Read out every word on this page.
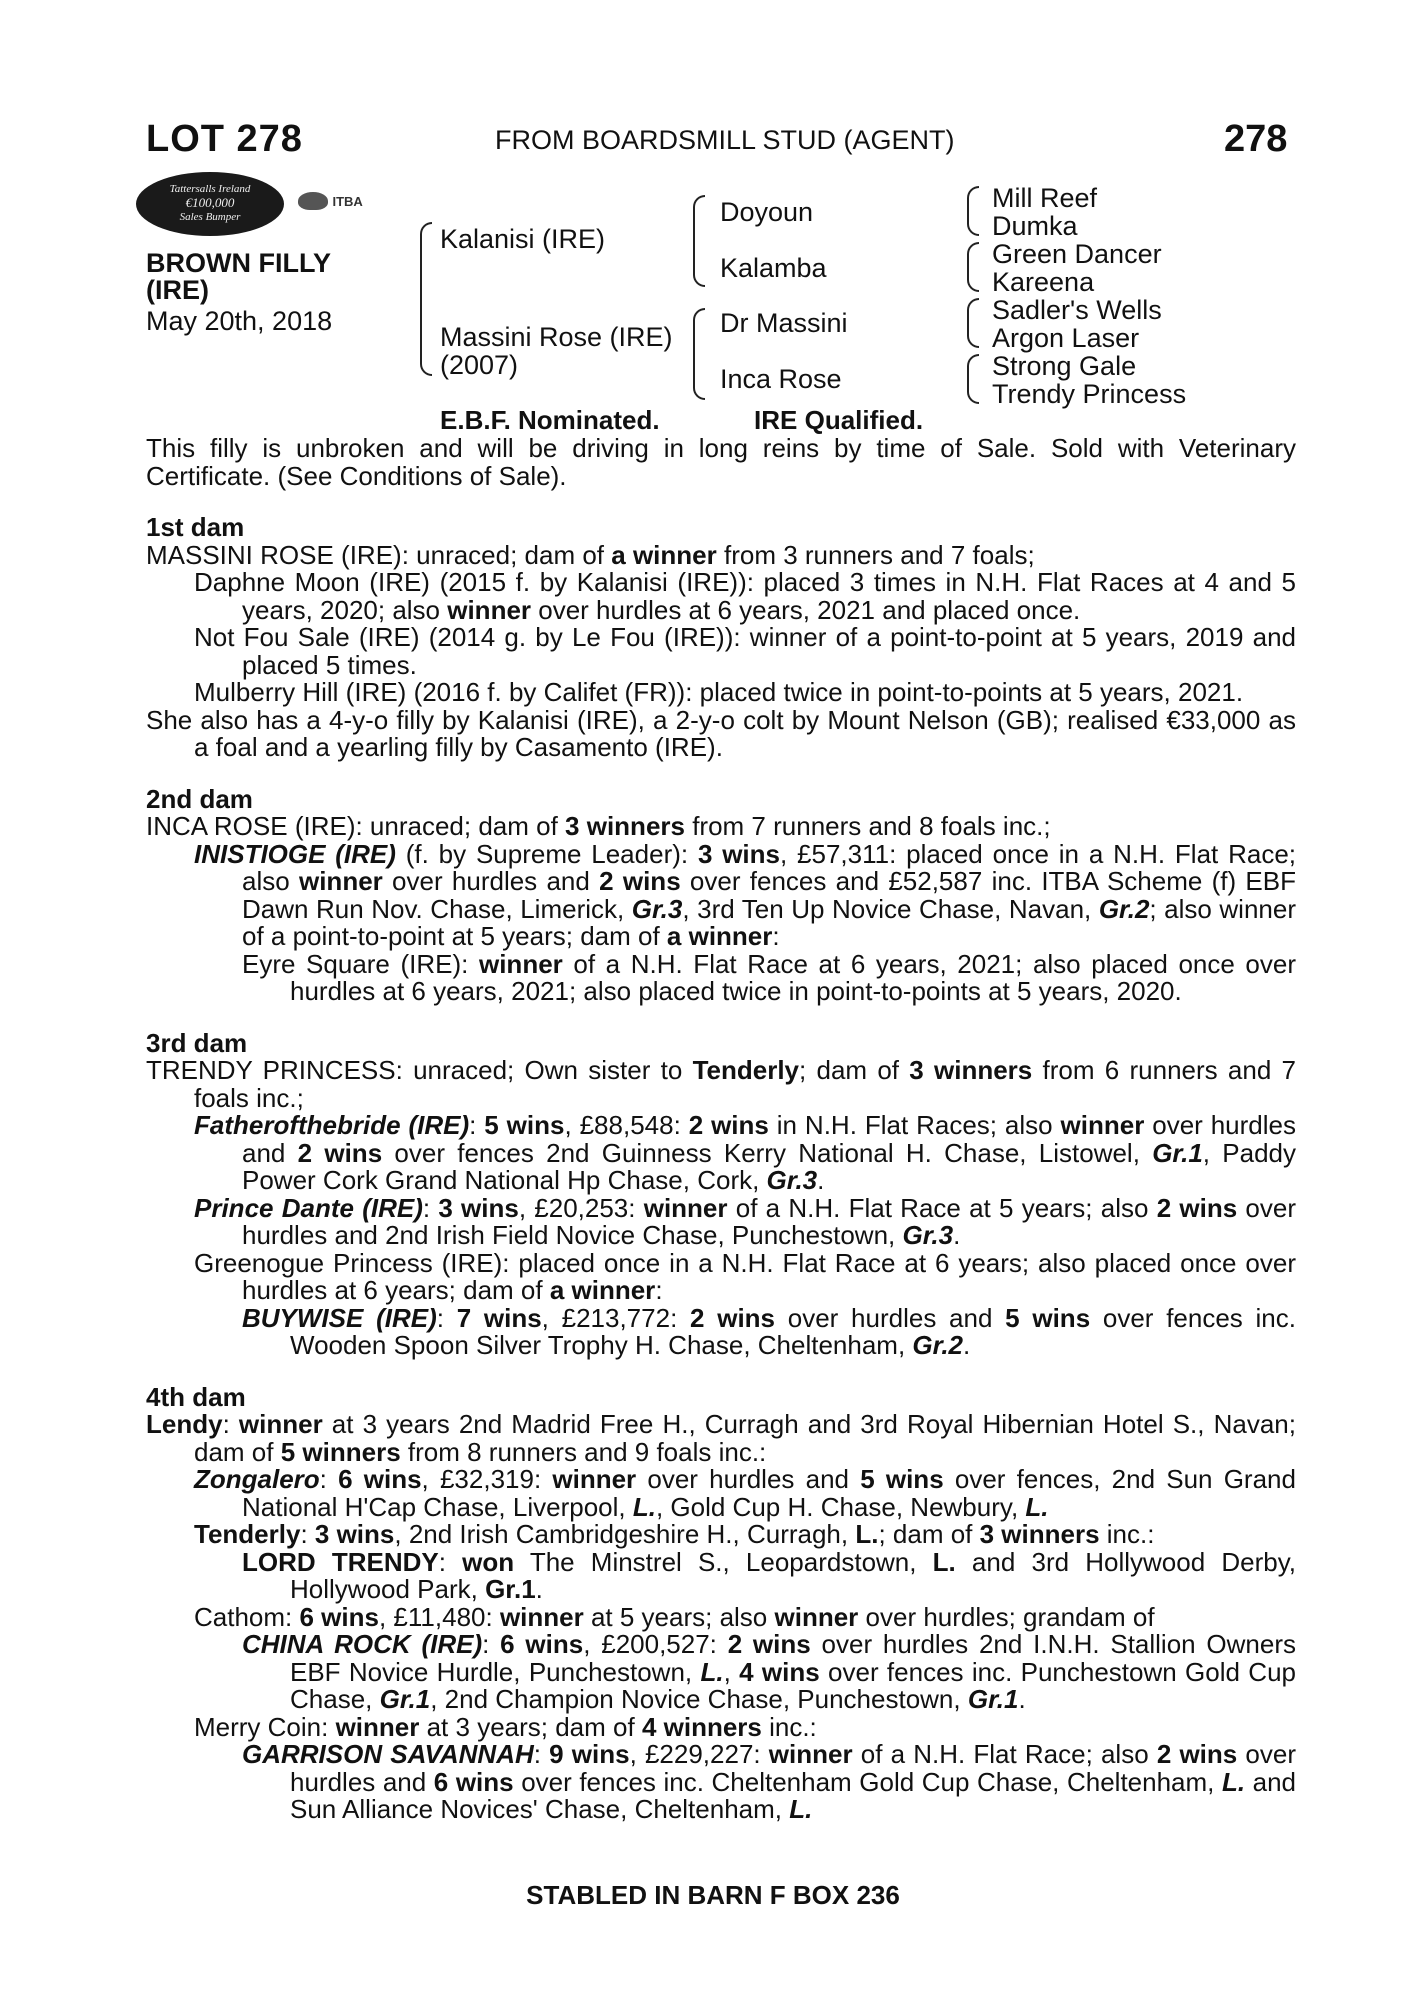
LOT 278	FROM BOARDSMILL STUD (AGENT)	278
Tattersalls Ireland
€100,000
Sales Bumper
ITBA
BROWN FILLY
(IRE)
May 20th, 2018
Kalanisi (IRE)
Massini Rose (IRE)
(2007)
Doyoun
Kalamba
Dr Massini
Inca Rose
Mill Reef
Dumka
Green Dancer
Kareena
Sadler's Wells
Argon Laser
Strong Gale
Trendy Princess
E.B.F. Nominated.	IRE Qualified.

This filly is unbroken and will be driving in long reins by time of Sale. Sold with Veterinary Certificate. (See Conditions of Sale).

1st dam

MASSINI ROSE (IRE): unraced; dam of a winner from 3 runners and 7 foals;

Daphne Moon (IRE) (2015 f. by Kalanisi (IRE)): placed 3 times in N.H. Flat Races at 4 and 5 years, 2020; also winner over hurdles at 6 years, 2021 and placed once.

Not Fou Sale (IRE) (2014 g. by Le Fou (IRE)): winner of a point-to-point at 5 years, 2019 and placed 5 times.

Mulberry Hill (IRE) (2016 f. by Califet (FR)): placed twice in point-to-points at 5 years, 2021.

She also has a 4-y-o filly by Kalanisi (IRE), a 2-y-o colt by Mount Nelson (GB); realised €33,000 as a foal and a yearling filly by Casamento (IRE).

2nd dam

INCA ROSE (IRE): unraced; dam of 3 winners from 7 runners and 8 foals inc.;

INISTIOGE (IRE) (f. by Supreme Leader): 3 wins, £57,311: placed once in a N.H. Flat Race; also winner over hurdles and 2 wins over fences and £52,587 inc. ITBA Scheme (f) EBF Dawn Run Nov. Chase, Limerick, Gr.3, 3rd Ten Up Novice Chase, Navan, Gr.2; also winner of a point-to-point at 5 years; dam of a winner:

Eyre Square (IRE): winner of a N.H. Flat Race at 6 years, 2021; also placed once over hurdles at 6 years, 2021; also placed twice in point-to-points at 5 years, 2020.

3rd dam

TRENDY PRINCESS: unraced; Own sister to Tenderly; dam of 3 winners from 6 runners and 7 foals inc.;

Fatherofthebride (IRE): 5 wins, £88,548: 2 wins in N.H. Flat Races; also winner over hurdles and 2 wins over fences 2nd Guinness Kerry National H. Chase, Listowel, Gr.1, Paddy Power Cork Grand National Hp Chase, Cork, Gr.3.

Prince Dante (IRE): 3 wins, £20,253: winner of a N.H. Flat Race at 5 years; also 2 wins over hurdles and 2nd Irish Field Novice Chase, Punchestown, Gr.3.

Greenogue Princess (IRE): placed once in a N.H. Flat Race at 6 years; also placed once over hurdles at 6 years; dam of a winner:

BUYWISE (IRE): 7 wins, £213,772: 2 wins over hurdles and 5 wins over fences inc. Wooden Spoon Silver Trophy H. Chase, Cheltenham, Gr.2.

4th dam

Lendy: winner at 3 years 2nd Madrid Free H., Curragh and 3rd Royal Hibernian Hotel S., Navan; dam of 5 winners from 8 runners and 9 foals inc.:

Zongalero: 6 wins, £32,319: winner over hurdles and 5 wins over fences, 2nd Sun Grand National H'Cap Chase, Liverpool, L., Gold Cup H. Chase, Newbury, L.

Tenderly: 3 wins, 2nd Irish Cambridgeshire H., Curragh, L.; dam of 3 winners inc.:

LORD TRENDY: won The Minstrel S., Leopardstown, L. and 3rd Hollywood Derby, Hollywood Park, Gr.1.

Cathom: 6 wins, £11,480: winner at 5 years; also winner over hurdles; grandam of

CHINA ROCK (IRE): 6 wins, £200,527: 2 wins over hurdles 2nd I.N.H. Stallion Owners EBF Novice Hurdle, Punchestown, L., 4 wins over fences inc. Punchestown Gold Cup Chase, Gr.1, 2nd Champion Novice Chase, Punchestown, Gr.1.

Merry Coin: winner at 3 years; dam of 4 winners inc.:

GARRISON SAVANNAH: 9 wins, £229,227: winner of a N.H. Flat Race; also 2 wins over hurdles and 6 wins over fences inc. Cheltenham Gold Cup Chase, Cheltenham, L. and Sun Alliance Novices' Chase, Cheltenham, L.

STABLED IN BARN F BOX 236
